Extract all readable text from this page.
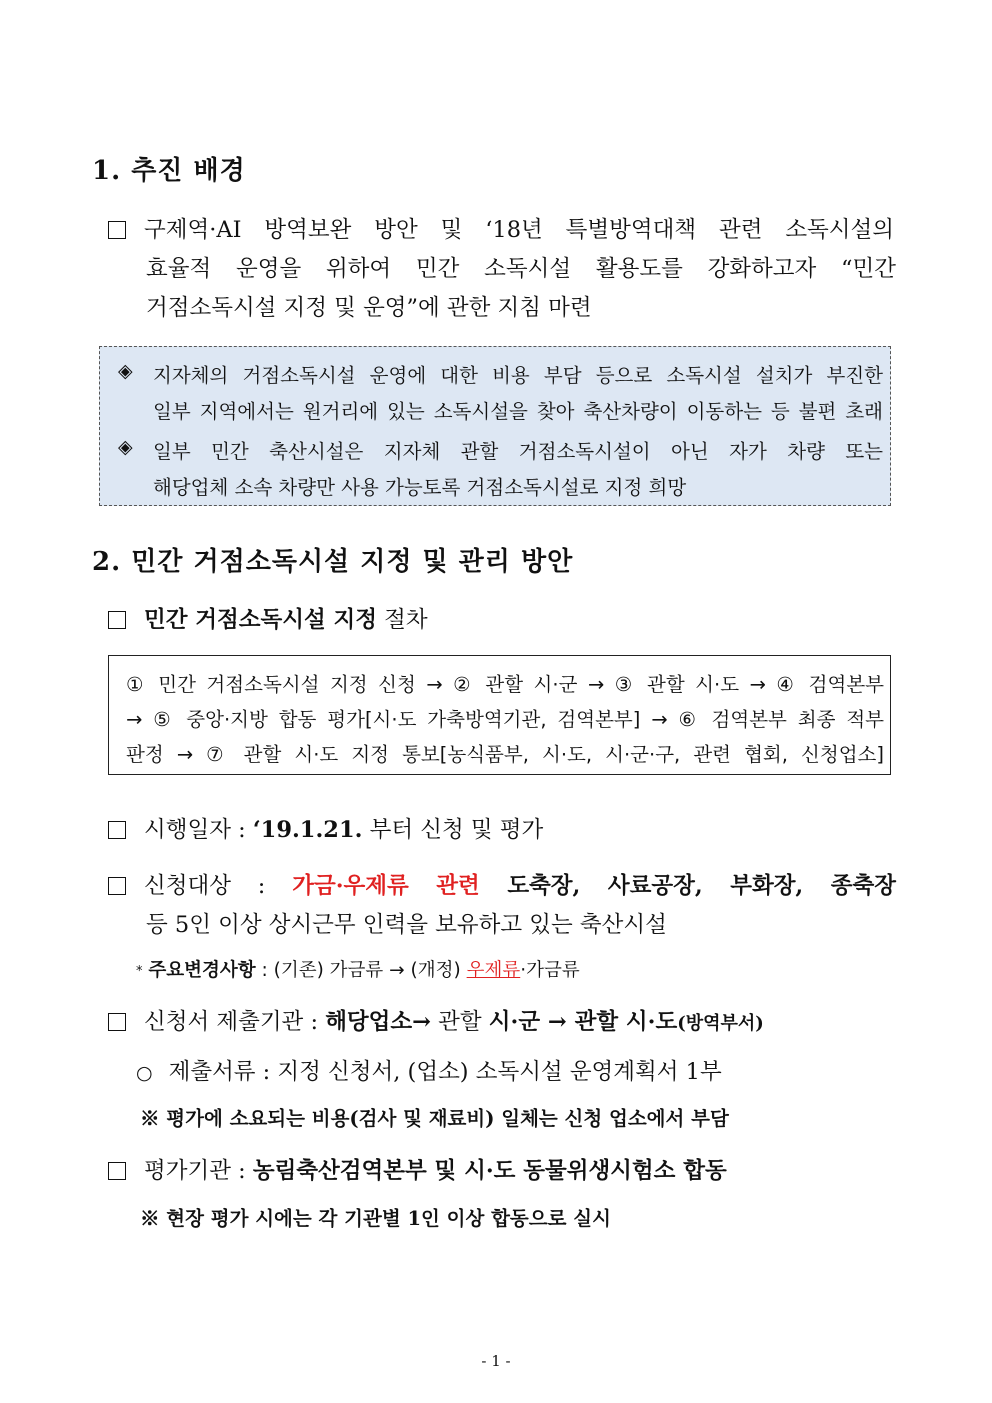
1. 추진 배경
구제역·AI 방역보완 방안 및 ‘18년 특별방역대책 관련 소독시설의
효율적 운영을 위하여 민간 소독시설 활용도를 강화하고자 “민간
거점소독시설 지정 및 운영”에 관한 지침 마련
◈ 지자체의 거점소독시설 운영에 대한 비용 부담 등으로 소독시설 설치가 부진한
일부 지역에서는 원거리에 있는 소독시설을 찾아 축산차량이 이동하는 등 불편 초래
◈ 일부 민간 축산시설은 지자체 관할 거점소독시설이 아닌 자가 차량 또는
해당업체 소속 차량만 사용 가능토록 거점소독시설로 지정 희망
2. 민간 거점소독시설 지정 및 관리 방안
민간 거점소독시설 지정 절차
① 민간 거점소독시설 지정 신청 → ② 관할 시·군 → ③ 관할 시·도 → ④ 검역본부
→ ⑤ 중앙·지방 합동 평가[시·도 가축방역기관, 검역본부] → ⑥ 검역본부 최종 적부
판정 → ⑦ 관할 시·도 지정 통보[농식품부, 시·도, 시·군·구, 관련 협회, 신청업소]
시행일자 : ‘19.1.21. 부터 신청 및 평가
신청대상 : 가금·우제류 관련 도축장, 사료공장, 부화장, 종축장
등 5인 이상 상시근무 인력을 보유하고 있는 축산시설
* 주요변경사항 : (기존) 가금류 → (개정) 우제류·가금류
신청서 제출기관 : 해당업소→ 관할 시·군 → 관할 시·도(방역부서)
○ 제출서류 : 지정 신청서, (업소) 소독시설 운영계획서 1부
※ 평가에 소요되는 비용(검사 및 재료비) 일체는 신청 업소에서 부담
평가기관 : 농림축산검역본부 및 시·도 동물위생시험소 합동
※ 현장 평가 시에는 각 기관별 1인 이상 합동으로 실시
- 1 -
